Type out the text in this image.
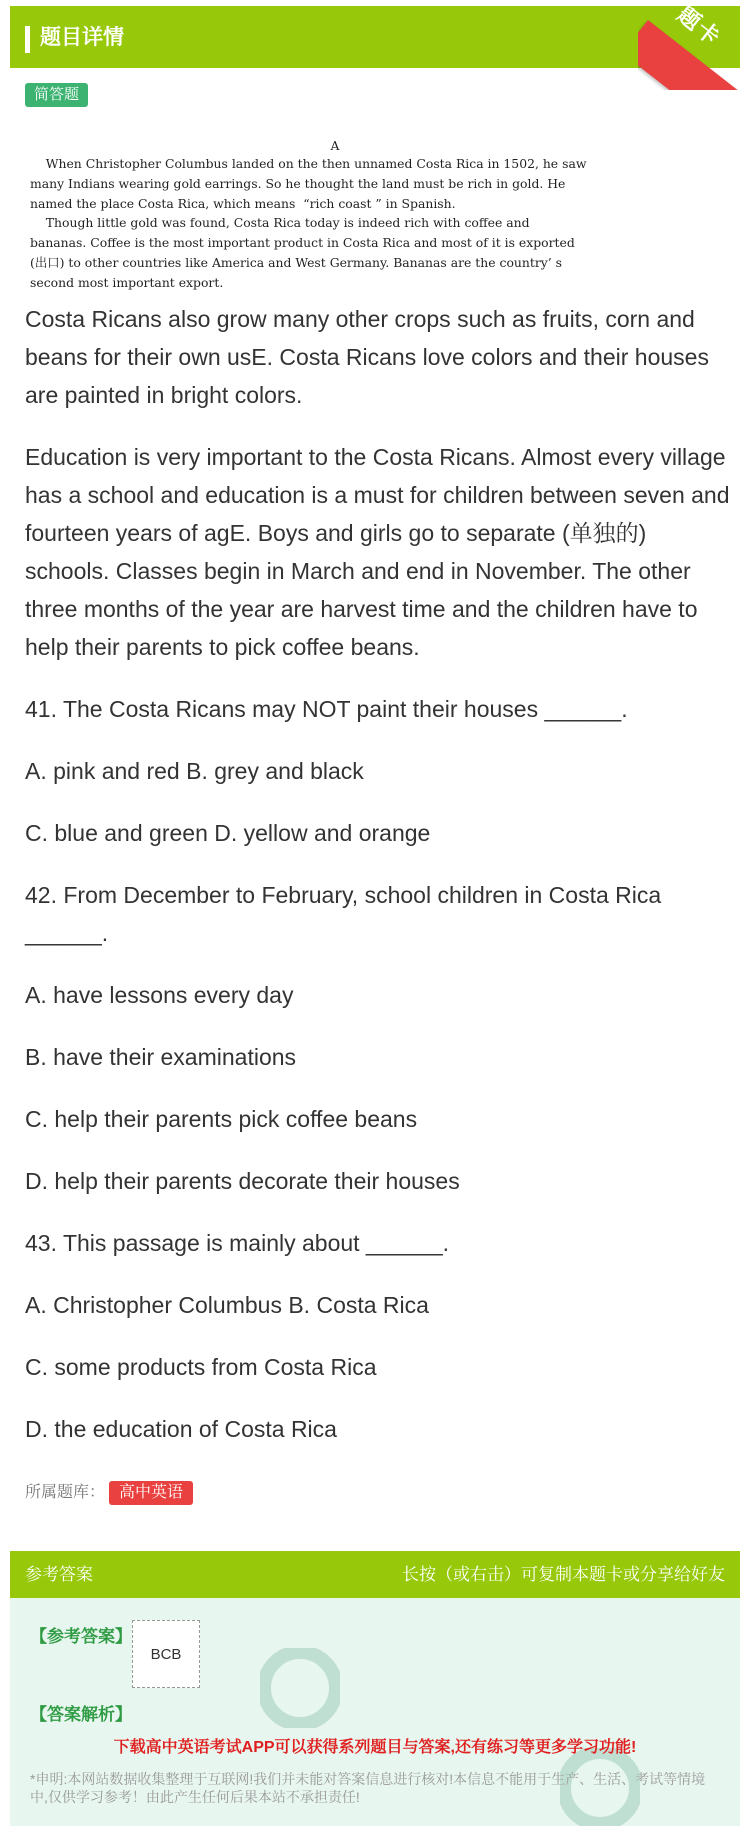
题目详情	题卡
简答题
A
When Christopher Columbus landed on the then unnamed Costa Rica in 1502, he saw
many Indians wearing gold earrings. So he thought the land must be rich in gold. He
named the place Costa Rica, which means  “rich coast ” in Spanish.
Though little gold was found, Costa Rica today is indeed rich with coffee and
bananas. Coffee is the most important product in Costa Rica and most of it is exported
(出口) to other countries like America and West Germany. Bananas are the country’ s
second most important export.

Costa Ricans also grow many other crops such as fruits, corn and beans for their own usE. Costa Ricans love colors and their houses are painted in bright colors.

Education is very important to the Costa Ricans. Almost every village has a school and education is a must for children between seven and fourteen years of agE. Boys and girls go to separate (单独的) schools. Classes begin in March and end in November. The other three months of the year are harvest time and the children have to help their parents to pick coffee beans.

41. The Costa Ricans may NOT paint their houses ______.

A. pink and red B. grey and black

C. blue and green D. yellow and orange

42. From December to February, school children in Costa Rica ______.

A. have lessons every day

B. have their examinations

C. help their parents pick coffee beans

D. help their parents decorate their houses

43. This passage is mainly about ______.

A. Christopher Columbus B. Costa Rica

C. some products from Costa Rica

D. the education of Costa Rica

所属题库： 高中英语
参考答案	长按（或右击）可复制本题卡或分享给好友
【参考答案】
BCB
【答案解析】
下载高中英语考试APP可以获得系列题目与答案,还有练习等更多学习功能!
*申明:本网站数据收集整理于互联网!我们并未能对答案信息进行核对!本信息不能用于生产、生活、考试等情境中,仅供学习参考！由此产生任何后果本站不承担责任!
